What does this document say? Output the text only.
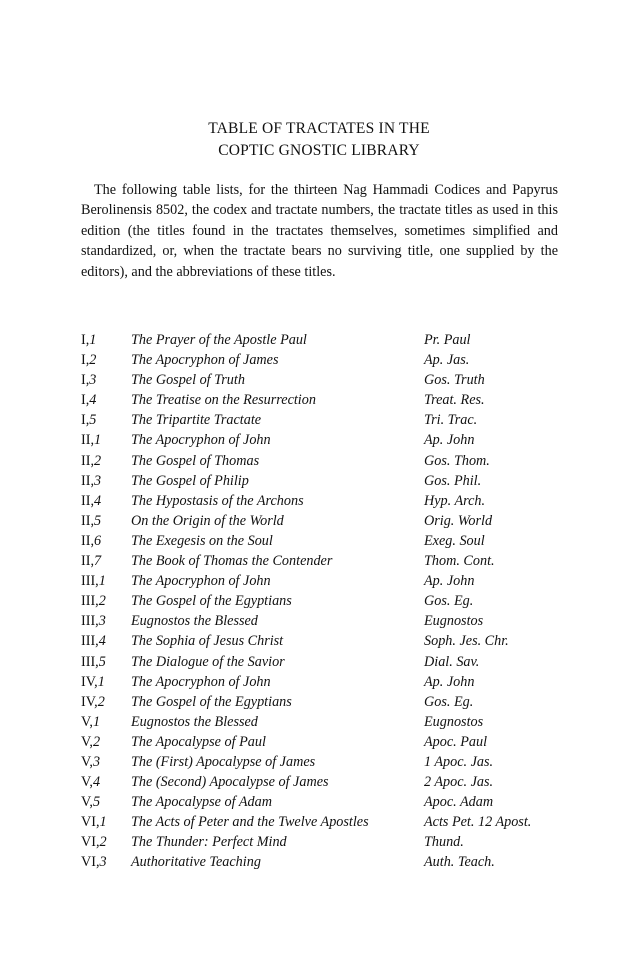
TABLE OF TRACTATES IN THE
COPTIC GNOSTIC LIBRARY

The following table lists, for the thirteen Nag Hammadi Codices and Papyrus Berolinensis 8502, the codex and tractate numbers, the tractate titles as used in this edition (the titles found in the tractates themselves, sometimes simplified and standardized, or, when the tractate bears no surviving title, one supplied by the editors), and the abbreviations of these titles.

I,1 The Prayer of the Apostle Paul	Pr. Paul
I,2 The Apocryphon of James	Ap. Jas.
I,3 The Gospel of Truth	Gos. Truth
I,4 The Treatise on the Resurrection	Treat. Res.
I,5 The Tripartite Tractate	Tri. Trac.
II,1 The Apocryphon of John	Ap. John
II,2 The Gospel of Thomas	Gos. Thom.
II,3 The Gospel of Philip	Gos. Phil.
II,4 The Hypostasis of the Archons	Hyp. Arch.
II,5 On the Origin of the World	Orig. World
II,6 The Exegesis on the Soul	Exeg. Soul
II,7 The Book of Thomas the Contender	Thom. Cont.
III,1 The Apocryphon of John	Ap. John
III,2 The Gospel of the Egyptians	Gos. Eg.
III,3 Eugnostos the Blessed	Eugnostos
III,4 The Sophia of Jesus Christ	Soph. Jes. Chr.
III,5 The Dialogue of the Savior	Dial. Sav.
IV,1 The Apocryphon of John	Ap. John
IV,2 The Gospel of the Egyptians	Gos. Eg.
V,1 Eugnostos the Blessed	Eugnostos
V,2 The Apocalypse of Paul	Apoc. Paul
V,3 The (First) Apocalypse of James	1 Apoc. Jas.
V,4 The (Second) Apocalypse of James	2 Apoc. Jas.
V,5 The Apocalypse of Adam	Apoc. Adam
VI,1 The Acts of Peter and the Twelve Apostles	Acts Pet. 12 Apost.
VI,2 The Thunder: Perfect Mind	Thund.
VI,3 Authoritative Teaching	Auth. Teach.
